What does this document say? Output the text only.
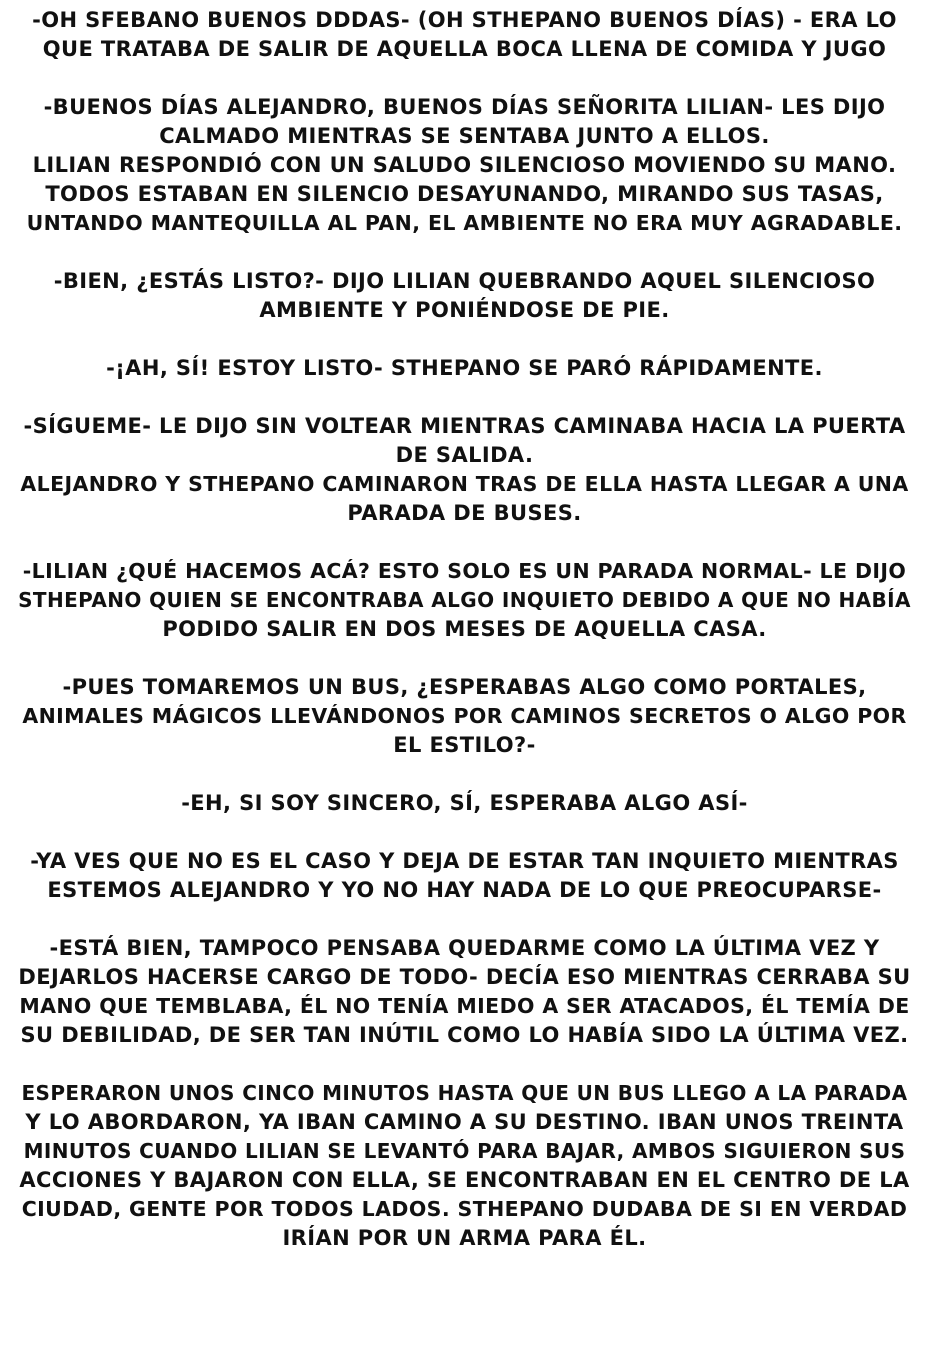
-OH SFEBANO BUENOS DDDAS- (OH STHEPANO BUENOS DÍAS) - ERA LO
QUE TRATABA DE SALIR DE AQUELLA BOCA LLENA DE COMIDA Y JUGO
-BUENOS DÍAS ALEJANDRO, BUENOS DÍAS SEÑORITA LILIAN- LES DIJO
CALMADO MIENTRAS SE SENTABA JUNTO A ELLOS.
LILIAN RESPONDIÓ CON UN SALUDO SILENCIOSO MOVIENDO SU MANO.
TODOS ESTABAN EN SILENCIO DESAYUNANDO, MIRANDO SUS TASAS,
UNTANDO MANTEQUILLA AL PAN, EL AMBIENTE NO ERA MUY AGRADABLE.
-BIEN, ¿ESTÁS LISTO?- DIJO LILIAN QUEBRANDO AQUEL SILENCIOSO
AMBIENTE Y PONIÉNDOSE DE PIE.
-¡AH, SÍ! ESTOY LISTO- STHEPANO SE PARÓ RÁPIDAMENTE.
-SÍGUEME- LE DIJO SIN VOLTEAR MIENTRAS CAMINABA HACIA LA PUERTA
DE SALIDA.
ALEJANDRO Y STHEPANO CAMINARON TRAS DE ELLA HASTA LLEGAR A UNA
PARADA DE BUSES.
-LILIAN ¿QUÉ HACEMOS ACÁ? ESTO SOLO ES UN PARADA NORMAL- LE DIJO
STHEPANO QUIEN SE ENCONTRABA ALGO INQUIETO DEBIDO A QUE NO HABÍA
PODIDO SALIR EN DOS MESES DE AQUELLA CASA.
-PUES TOMAREMOS UN BUS, ¿ESPERABAS ALGO COMO PORTALES,
ANIMALES MÁGICOS LLEVÁNDONOS POR CAMINOS SECRETOS O ALGO POR
EL ESTILO?-
-EH, SI SOY SINCERO, SÍ, ESPERABA ALGO ASÍ-
-YA VES QUE NO ES EL CASO Y DEJA DE ESTAR TAN INQUIETO MIENTRAS
ESTEMOS ALEJANDRO Y YO NO HAY NADA DE LO QUE PREOCUPARSE-
-ESTÁ BIEN, TAMPOCO PENSABA QUEDARME COMO LA ÚLTIMA VEZ Y
DEJARLOS HACERSE CARGO DE TODO- DECÍA ESO MIENTRAS CERRABA SU
MANO QUE TEMBLABA, ÉL NO TENÍA MIEDO A SER ATACADOS, ÉL TEMÍA DE
SU DEBILIDAD, DE SER TAN INÚTIL COMO LO HABÍA SIDO LA ÚLTIMA VEZ.
ESPERARON UNOS CINCO MINUTOS HASTA QUE UN BUS LLEGO A LA PARADA
Y LO ABORDARON, YA IBAN CAMINO A SU DESTINO. IBAN UNOS TREINTA
MINUTOS CUANDO LILIAN SE LEVANTÓ PARA BAJAR, AMBOS SIGUIERON SUS
ACCIONES Y BAJARON CON ELLA, SE ENCONTRABAN EN EL CENTRO DE LA
CIUDAD, GENTE POR TODOS LADOS. STHEPANO DUDABA DE SI EN VERDAD
IRÍAN POR UN ARMA PARA ÉL.
